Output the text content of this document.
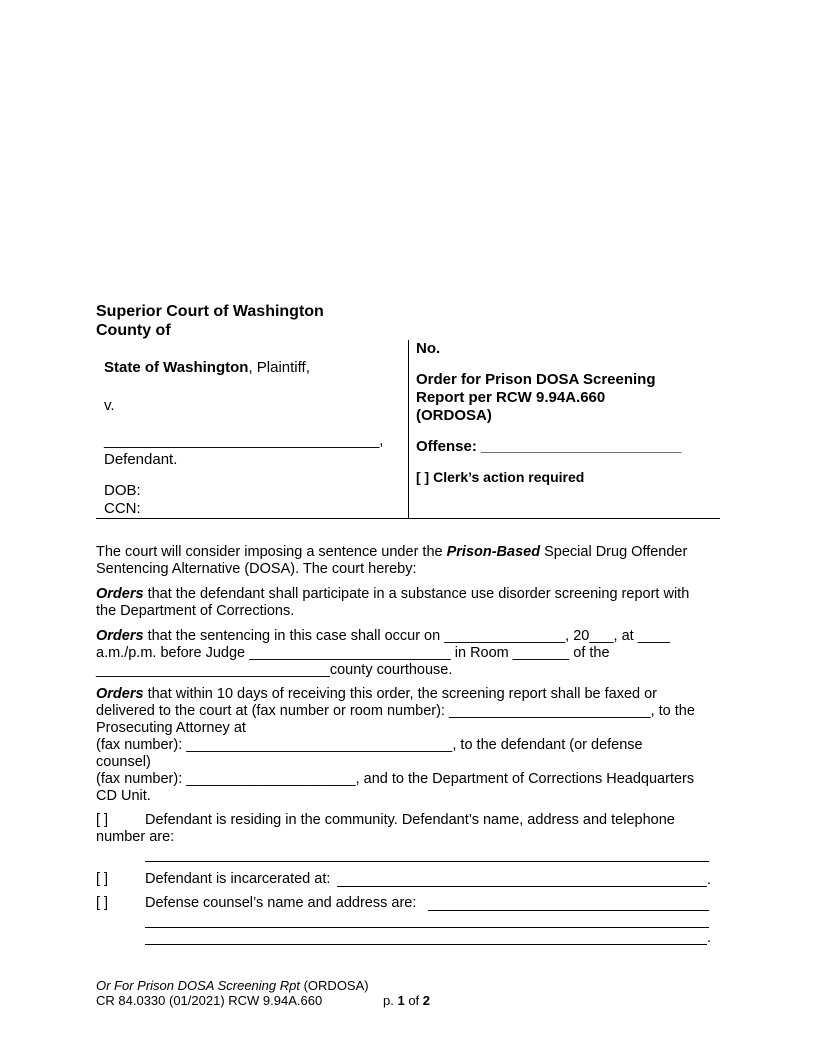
Superior Court of Washington
County of
State of Washington, Plaintiff,
v.
_________________________________,
Defendant.
DOB:
CCN:
No.
Order for Prison DOSA Screening
Report per RCW 9.94A.660
(ORDOSA)
Offense: ________________________
[ ] Clerk’s action required
The court will consider imposing a sentence under the Prison-Based Special Drug Offender
Sentencing Alternative (DOSA). The court hereby:
Orders that the defendant shall participate in a substance use disorder screening report with
the Department of Corrections.
Orders that the sentencing in this case shall occur on _______________, 20___, at ____
a.m./p.m. before Judge _________________________ in Room _______ of the
_____________________________county courthouse.
Orders that within 10 days of receiving this order, the screening report shall be faxed or
delivered to the court at (fax number or room number): _________________________, to the
Prosecuting Attorney at
(fax number): _________________________________, to the defendant (or defense
counsel)
(fax number): _____________________, and to the Department of Corrections Headquarters
CD Unit.
[ ]	Defendant is residing in the community. Defendant’s name, address and telephone
number are:
[ ]	Defendant is incarcerated at:	.
[ ]	Defense counsel’s name and address are:
.
Or For Prison DOSA Screening Rpt (ORDOSA)
CR 84.0330 (01/2021) RCW 9.94A.660	p. 1 of 2
